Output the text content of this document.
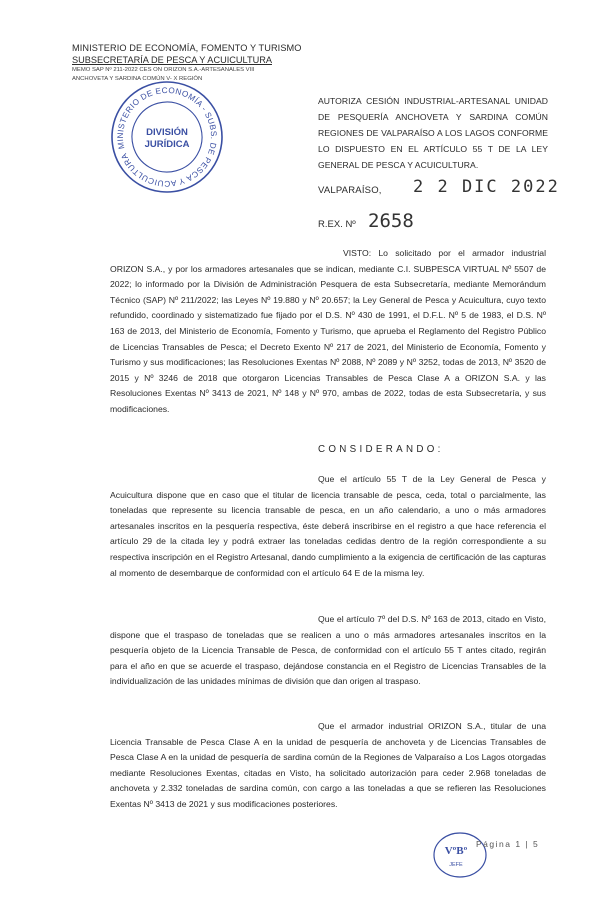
MINISTERIO DE ECONOMÍA, FOMENTO Y TURISMO
SUBSECRETARÍA DE PESCA Y ACUICULTURA
MEMO SAP Nº 211-2022 CES ON ORIZON S.A.-ARTESANALES VIII
ANCHOVETA Y SARDINA COMÚN V- X REGIÓN
MINISTERIO DE ECONOMÍA - SUBS. DE PESCA Y ACUICULTURA
DIVISIÓN
JURÍDICA
AUTORIZA CESIÓN INDUSTRIAL-ARTESANAL UNIDAD DE PESQUERÍA ANCHOVETA Y SARDINA COMÚN REGIONES DE VALPARAÍSO A LOS LAGOS CONFORME LO DISPUESTO EN EL ARTÍCULO 55 T DE LA LEY GENERAL DE PESCA Y ACUICULTURA.
VALPARAÍSO, 2 2 DIC 2022
R.EX. Nº 2658

VISTO: Lo solicitado por el armador industrial ORIZON S.A., y por los armadores artesanales que se indican, mediante C.I. SUBPESCA VIRTUAL Nº 5507 de 2022; lo informado por la División de Administración Pesquera de esta Subsecretaría, mediante Memorándum Técnico (SAP) Nº 211/2022; las Leyes Nº 19.880 y Nº 20.657; la Ley General de Pesca y Acuicultura, cuyo texto refundido, coordinado y sistematizado fue fijado por el D.S. Nº 430 de 1991, el D.F.L. Nº 5 de 1983, el D.S. Nº 163 de 2013, del Ministerio de Economía, Fomento y Turismo, que aprueba el Reglamento del Registro Público de Licencias Transables de Pesca; el Decreto Exento Nº 217 de 2021, del Ministerio de Economía, Fomento y Turismo y sus modificaciones; las Resoluciones Exentas Nº 2088, Nº 2089 y Nº 3252, todas de 2013, Nº 3520 de 2015 y Nº 3246 de 2018 que otorgaron Licencias Transables de Pesca Clase A a ORIZON S.A. y las Resoluciones Exentas Nº 3413 de 2021, Nº 148 y Nº 970, ambas de 2022, todas de esta Subsecretaría, y sus modificaciones.

CONSIDERANDO:

Que el artículo 55 T de la Ley General de Pesca y Acuicultura dispone que en caso que el titular de licencia transable de pesca, ceda, total o parcialmente, las toneladas que represente su licencia transable de pesca, en un año calendario, a uno o más armadores artesanales inscritos en la pesquería respectiva, éste deberá inscribirse en el registro a que hace referencia el artículo 29 de la citada ley y podrá extraer las toneladas cedidas dentro de la región correspondiente a su respectiva inscripción en el Registro Artesanal, dando cumplimiento a la exigencia de certificación de las capturas al momento de desembarque de conformidad con el artículo 64 E de la misma ley.

Que el artículo 7º del D.S. Nº 163 de 2013, citado en Visto, dispone que el traspaso de toneladas que se realicen a uno o más armadores artesanales inscritos en la pesquería objeto de la Licencia Transable de Pesca, de conformidad con el artículo 55 T antes citado, regirán para el año en que se acuerde el traspaso, dejándose constancia en el Registro de Licencias Transables de la individualización de las unidades mínimas de división que dan origen al traspaso.

Que el armador industrial ORIZON S.A., titular de una Licencia Transable de Pesca Clase A en la unidad de pesquería de anchoveta y de Licencias Transables de Pesca Clase A en la unidad de pesquería de sardina común de la Regiones de Valparaíso a Los Lagos otorgadas mediante Resoluciones Exentas, citadas en Visto, ha solicitado autorización para ceder 2.968 toneladas de anchoveta y 2.332 toneladas de sardina común, con cargo a las toneladas a que se refieren las Resoluciones Exentas Nº 3413 de 2021 y sus modificaciones posteriores.

VºBº
JEFE
Página 1 | 5
